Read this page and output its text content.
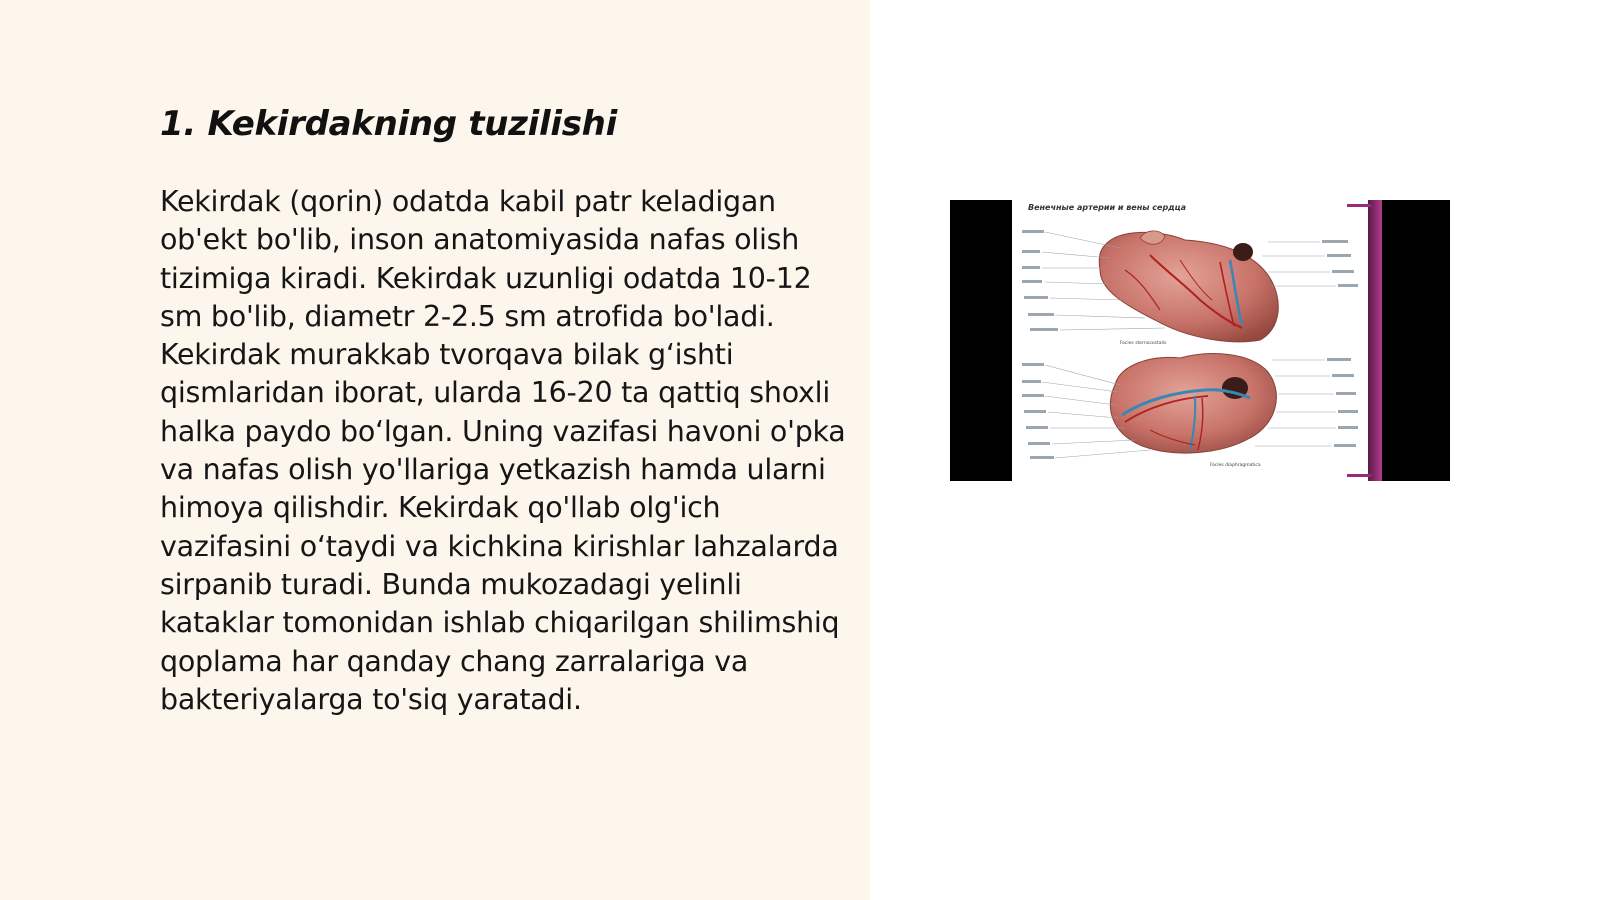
1. Kekirdakning tuzilishi

Kekirdak (qorin) odatda kabil patr keladigan ob'ekt bo'lib, inson anatomiyasida nafas olish tizimiga kiradi. Kekirdak uzunligi odatda 10-12 sm bo'lib, diametr 2-2.5 sm atrofida bo'ladi. Kekirdak murakkab tvorqava bilak g‘ishti qismlaridan iborat, ularda 16-20 ta qattiq shoxli halka paydo bo‘lgan. Uning vazifasi havoni o'pka va nafas olish yo'llariga yetkazish hamda ularni himoya qilishdir. Kekirdak qo'llab olg'ich vazifasini o‘taydi va kichkina kirishlar lahzalarda sirpanib turadi. Bunda mukozadagi yelinli kataklar tomonidan ishlab chiqarilgan shilimshiq qoplama har qanday chang zarralariga va bakteriyalarga to'siq yaratadi.

Венечные артерии и вены сердца
Facies sternocostalis
Facies diaphragmatica
